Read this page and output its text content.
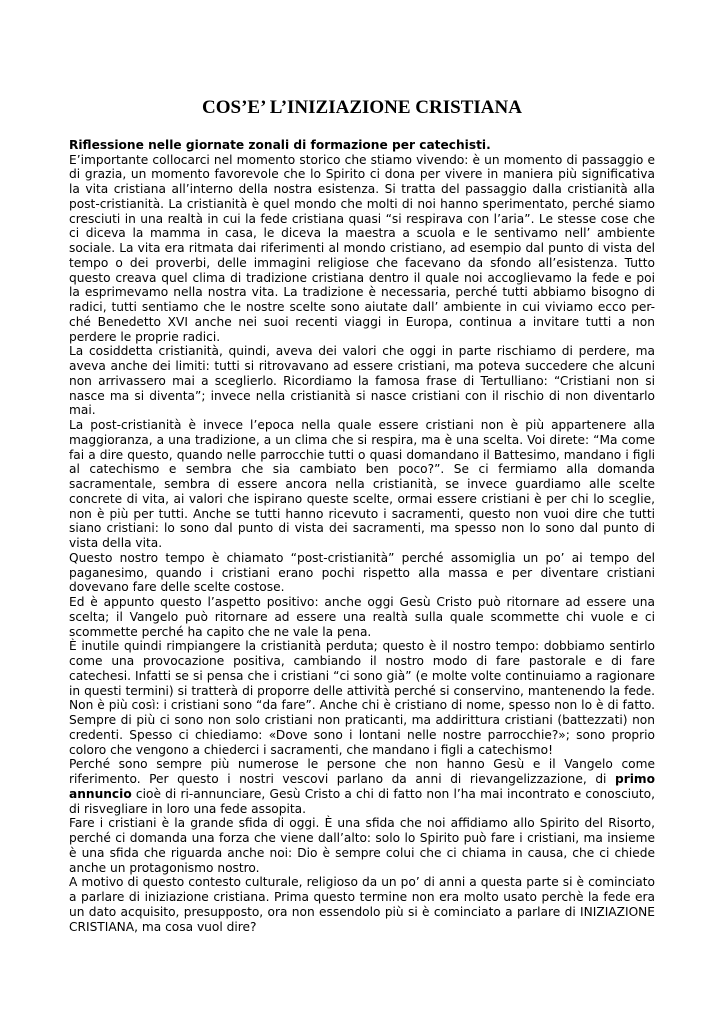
COS’E’ L’INIZIAZIONE CRISTIANA

Riflessione nelle giornate zonali di formazione per catechisti.

E’importante collocarci nel momento storico che stiamo vivendo: è un momento di passaggio e di grazia, un momento favorevole che lo Spirito ci dona per vivere in maniera più significativa la vita cristiana all’interno della nostra esistenza. Si tratta del passaggio dalla cristianità alla post-cristianità. La cristianità è quel mondo che molti di noi hanno sperimentato, perché siamo cresciuti in una realtà in cui la fede cristiana quasi “si respirava con l’aria”. Le stesse cose che ci diceva la mamma in casa, le diceva la maestra a scuola e le sentivamo nell’ ambiente sociale. La vita era ritmata dai riferimenti al mondo cristiano, ad esempio dal punto di vista del tempo o dei proverbi, delle immagini religiose che facevano da sfondo all’esistenza. Tutto questo creava quel clima di tradizione cristiana dentro il quale noi accoglievamo la fede e poi la esprimevamo nella nostra vita. La tradizione è necessaria, perché tutti abbiamo bisogno di radici, tutti sentiamo che le nostre scelte sono aiutate dall’ ambiente in cui viviamo ecco per-ché Benedetto XVI anche nei suoi recenti viaggi in Europa, continua a invitare tutti a non perdere le proprie radici.

La cosiddetta cristianità, quindi, aveva dei valori che oggi in parte rischiamo di perdere, ma aveva anche dei limiti: tutti si ritrovavano ad essere cristiani, ma poteva succedere che alcuni non arrivassero mai a sceglierlo. Ricordiamo la famosa frase di Tertulliano: “Cristiani non si nasce ma si diventa”; invece nella cristianità si nasce cristiani con il rischio di non diventarlo mai.

La post-cristianità è invece l’epoca nella quale essere cristiani non è più appartenere alla maggioranza, a una tradizione, a un clima che si respira, ma è una scelta. Voi direte: “Ma come fai a dire questo, quando nelle parrocchie tutti o quasi domandano il Battesimo, mandano i figli al catechismo e sembra che sia cambiato ben poco?”. Se ci fermiamo alla domanda sacramentale, sembra di essere ancora nella cristianità, se invece guardiamo alle scelte concrete di vita, ai valori che ispirano queste scelte, ormai essere cristiani è per chi lo sceglie, non è più per tutti. Anche se tutti hanno ricevuto i sacramenti, questo non vuoi dire che tutti siano cristiani: lo sono dal punto di vista dei sacramenti, ma spesso non lo sono dal punto di vista della vita.

Questo nostro tempo è chiamato “post-cristianità” perché assomiglia un po’ ai tempo del paganesimo, quando i cristiani erano pochi rispetto alla massa e per diventare cristiani dovevano fare delle scelte costose.

Ed è appunto questo l’aspetto positivo: anche oggi Gesù Cristo può ritornare ad essere una scelta; il Vangelo può ritornare ad essere una realtà sulla quale scommette chi vuole e ci scommette perché ha capito che ne vale la pena.

È inutile quindi rimpiangere la cristianità perduta; questo è il nostro tempo: dobbiamo sentirlo come una provocazione positiva, cambiando il nostro modo di fare pastorale e di fare catechesi. Infatti se si pensa che i cristiani “ci sono già” (e molte volte continuiamo a ragionare in questi termini) si tratterà di proporre delle attività perché si conservino, mantenendo la fede. Non è più così: i cristiani sono “da fare”. Anche chi è cristiano di nome, spesso non lo è di fatto. Sempre di più ci sono non solo cristiani non praticanti, ma addirittura cristiani (battezzati) non credenti. Spesso ci chiediamo: «Dove sono i lontani nelle nostre parrocchie?»; sono proprio coloro che vengono a chiederci i sacramenti, che mandano i figli a catechismo!

Perché sono sempre più numerose le persone che non hanno Gesù e il Vangelo come riferimento. Per questo i nostri vescovi parlano da anni di rievangelizzazione, di primo annuncio cioè di ri-annunciare, Gesù Cristo a chi di fatto non l’ha mai incontrato e conosciuto, di risvegliare in loro una fede assopita.

Fare i cristiani è la grande sfida di oggi. È una sfida che noi affidiamo allo Spirito del Risorto, perché ci domanda una forza che viene dall’alto: solo lo Spirito può fare i cristiani, ma insieme è una sfida che riguarda anche noi: Dio è sempre colui che ci chiama in causa, che ci chiede anche un protagonismo nostro.

A motivo di questo contesto culturale, religioso da un po’ di anni a questa parte si è cominciato a parlare di iniziazione cristiana. Prima questo termine non era molto usato perchè la fede era un dato acquisito, presupposto, ora non essendolo più si è cominciato a parlare di INIZIAZIONE CRISTIANA, ma cosa vuol dire?
